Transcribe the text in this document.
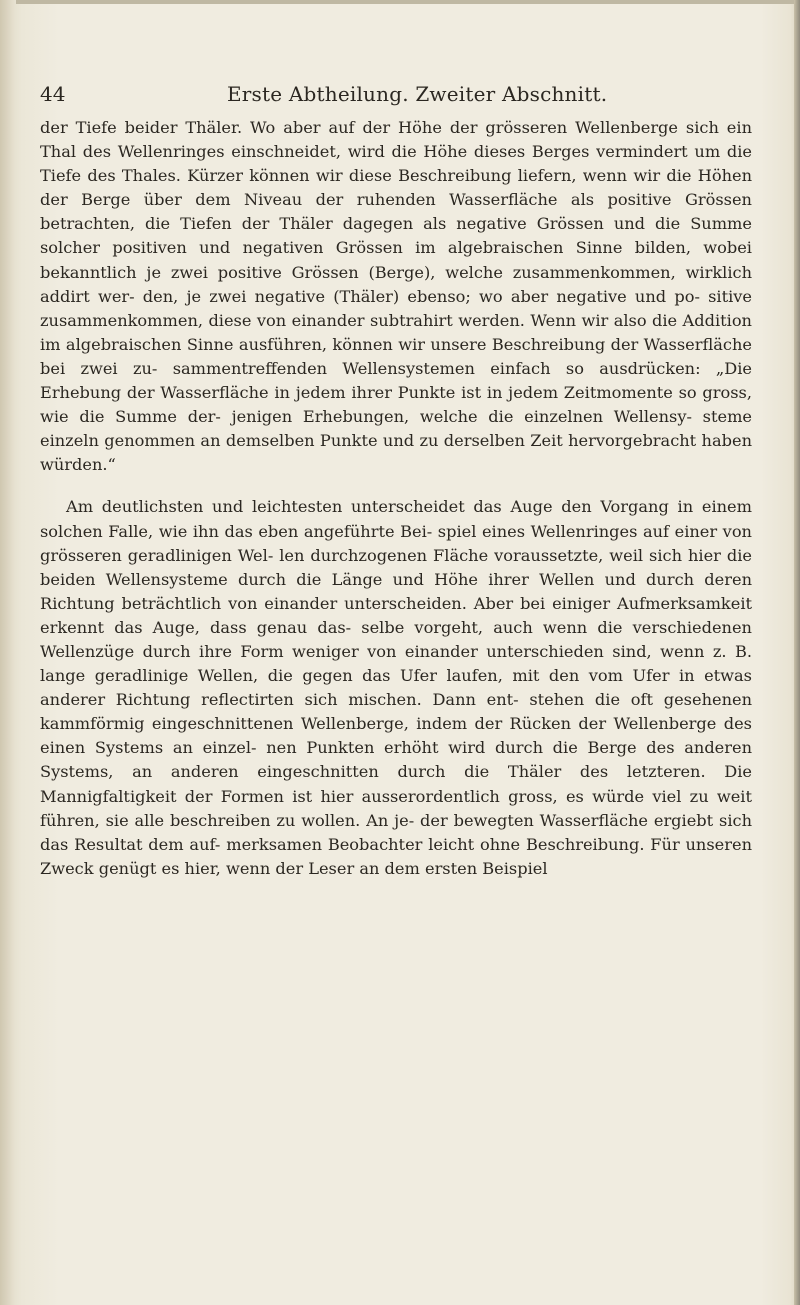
44	Erste Abtheilung. Zweiter Abschnitt.

der Tiefe beider Thäler. Wo aber auf der Höhe der grösseren Wellenberge sich ein Thal des Wellenringes einschneidet, wird die Höhe dieses Berges vermindert um die Tiefe des Thales. Kürzer können wir diese Beschreibung liefern, wenn wir die Höhen der Berge über dem Niveau der ruhenden Wasserfläche als positive Grössen betrachten, die Tiefen der Thäler dagegen als negative Grössen und die Summe solcher positiven und negativen Grössen im algebraischen Sinne bilden, wobei bekanntlich je zwei positive Grössen (Berge), welche zusammenkommen, wirklich addirt wer- den, je zwei negative (Thäler) ebenso; wo aber negative und po- sitive zusammenkommen, diese von einander subtrahirt werden. Wenn wir also die Addition im algebraischen Sinne ausführen, können wir unsere Beschreibung der Wasserfläche bei zwei zu- sammentreffenden Wellensystemen einfach so ausdrücken: „Die Erhebung der Wasserfläche in jedem ihrer Punkte ist in jedem Zeitmomente so gross, wie die Summe der- jenigen Erhebungen, welche die einzelnen Wellensy- steme einzeln genommen an demselben Punkte und zu derselben Zeit hervorgebracht haben würden.“

Am deutlichsten und leichtesten unterscheidet das Auge den Vorgang in einem solchen Falle, wie ihn das eben angeführte Bei- spiel eines Wellenringes auf einer von grösseren geradlinigen Wel- len durchzogenen Fläche voraussetzte, weil sich hier die beiden Wellensysteme durch die Länge und Höhe ihrer Wellen und durch deren Richtung beträchtlich von einander unterscheiden. Aber bei einiger Aufmerksamkeit erkennt das Auge, dass genau das- selbe vorgeht, auch wenn die verschiedenen Wellenzüge durch ihre Form weniger von einander unterschieden sind, wenn z. B. lange geradlinige Wellen, die gegen das Ufer laufen, mit den vom Ufer in etwas anderer Richtung reflectirten sich mischen. Dann ent- stehen die oft gesehenen kammförmig eingeschnittenen Wellenberge, indem der Rücken der Wellenberge des einen Systems an einzel- nen Punkten erhöht wird durch die Berge des anderen Systems, an anderen eingeschnitten durch die Thäler des letzteren. Die Mannigfaltigkeit der Formen ist hier ausserordentlich gross, es würde viel zu weit führen, sie alle beschreiben zu wollen. An je- der bewegten Wasserfläche ergiebt sich das Resultat dem auf- merksamen Beobachter leicht ohne Beschreibung. Für unseren Zweck genügt es hier, wenn der Leser an dem ersten Beispiel
